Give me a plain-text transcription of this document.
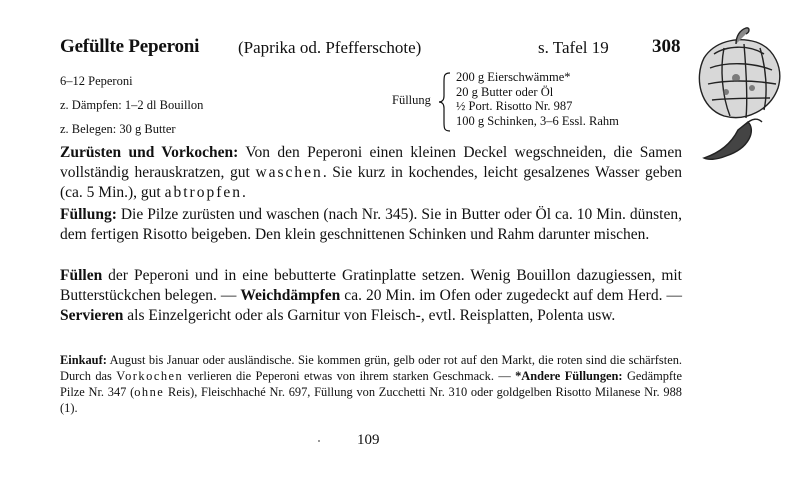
Gefüllte Peperoni (Paprika od. Pfefferschote)	s. Tafel 19 308
6–12 Peperoni
z. Dämpfen: 1–2 dl Bouillon
z. Belegen: 30 g Butter
Füllung
200 g Eierschwämme*
20 g Butter oder Öl
½ Port. Risotto Nr. 987
100 g Schinken, 3–6 Essl. Rahm
Zurüsten und Vorkochen: Von den Peperoni einen kleinen Deckel wegschneiden, die Samen vollständig herauskratzen, gut waschen. Sie kurz in kochendes, leicht gesalzenes Wasser geben (ca. 5 Min.), gut abtropfen.
Füllung: Die Pilze zurüsten und waschen (nach Nr. 345). Sie in Butter oder Öl ca. 10 Min. dünsten, dem fertigen Risotto beigeben. Den klein geschnittenen Schinken und Rahm darunter mischen.
Füllen der Peperoni und in eine bebutterte Gratinplatte setzen. Wenig Bouillon dazugiessen, mit Butterstückchen belegen. — Weichdämpfen ca. 20 Min. im Ofen oder zugedeckt auf dem Herd. — Servieren als Einzelgericht oder als Garnitur von Fleisch-, evtl. Reisplatten, Polenta usw.
Einkauf: August bis Januar oder ausländische. Sie kommen grün, gelb oder rot auf den Markt, die roten sind die schärfsten. Durch das Vorkochen verlieren die Peperoni etwas von ihrem starken Geschmack. — *Andere Füllungen: Gedämpfte Pilze Nr. 347 (ohne Reis), Fleischhaché Nr. 697, Füllung von Zucchetti Nr. 310 oder goldgelben Risotto Milanese Nr. 988 (1).
109
